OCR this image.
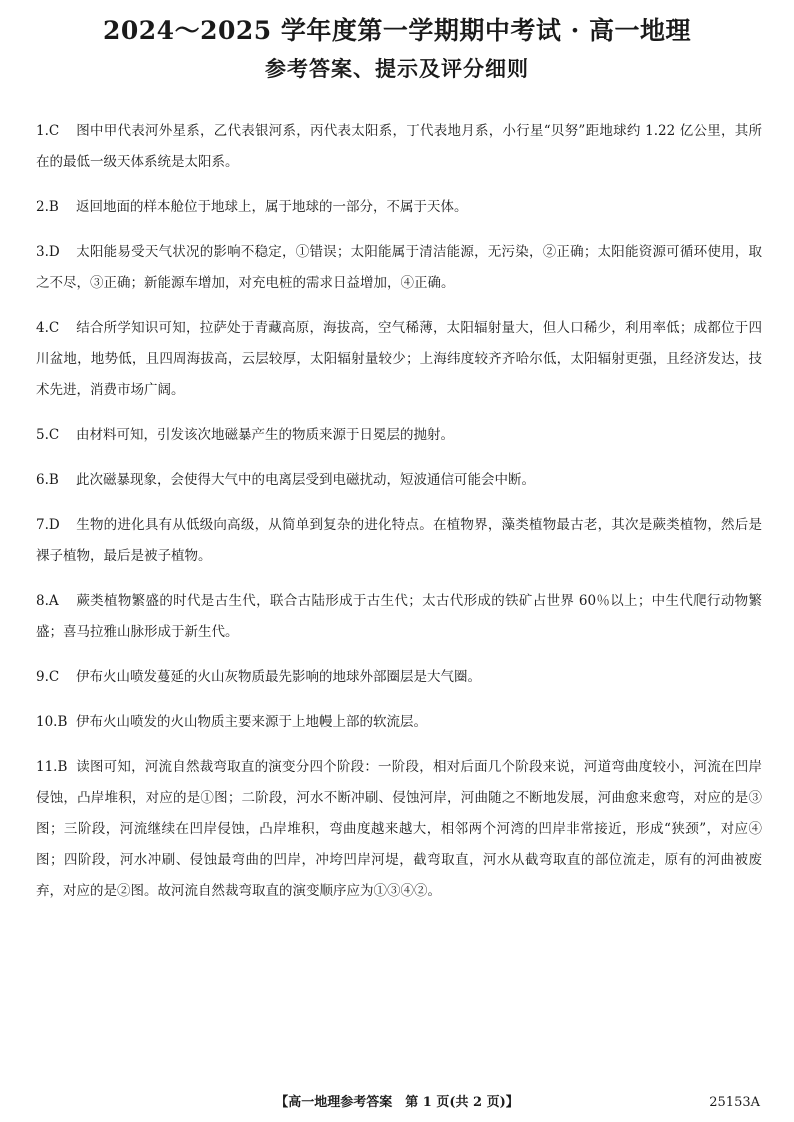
2024～2025 学年度第一学期期中考试 · 高一地理
参考答案、提示及评分细则
1.C 图中甲代表河外星系，乙代表银河系，丙代表太阳系，丁代表地月系，小行星“贝努”距地球约 1.22 亿公里，其所在的最低一级天体系统是太阳系。
2.B 返回地面的样本舱位于地球上，属于地球的一部分，不属于天体。
3.D 太阳能易受天气状况的影响不稳定，①错误；太阳能属于清洁能源，无污染，②正确；太阳能资源可循环使用，取之不尽，③正确；新能源车增加，对充电桩的需求日益增加，④正确。
4.C 结合所学知识可知，拉萨处于青藏高原，海拔高，空气稀薄，太阳辐射量大，但人口稀少，利用率低；成都位于四川盆地，地势低，且四周海拔高，云层较厚，太阳辐射量较少；上海纬度较齐齐哈尔低，太阳辐射更强，且经济发达，技术先进，消费市场广阔。
5.C 由材料可知，引发该次地磁暴产生的物质来源于日冕层的抛射。
6.B 此次磁暴现象，会使得大气中的电离层受到电磁扰动，短波通信可能会中断。
7.D 生物的进化具有从低级向高级，从简单到复杂的进化特点。在植物界，藻类植物最古老，其次是蕨类植物，然后是裸子植物，最后是被子植物。
8.A 蕨类植物繁盛的时代是古生代，联合古陆形成于古生代；太古代形成的铁矿占世界 60％以上；中生代爬行动物繁盛；喜马拉雅山脉形成于新生代。
9.C 伊布火山喷发蔓延的火山灰物质最先影响的地球外部圈层是大气圈。
10.B 伊布火山喷发的火山物质主要来源于上地幔上部的软流层。
11.B 读图可知，河流自然裁弯取直的演变分四个阶段：一阶段，相对后面几个阶段来说，河道弯曲度较小，河流在凹岸侵蚀，凸岸堆积，对应的是①图；二阶段，河水不断冲刷、侵蚀河岸，河曲随之不断地发展，河曲愈来愈弯，对应的是③图；三阶段，河流继续在凹岸侵蚀，凸岸堆积，弯曲度越来越大，相邻两个河湾的凹岸非常接近，形成“狭颈”，对应④图；四阶段，河水冲刷、侵蚀最弯曲的凹岸，冲垮凹岸河堤，截弯取直，河水从截弯取直的部位流走，原有的河曲被废弃，对应的是②图。故河流自然裁弯取直的演变顺序应为①③④②。
【高一地理参考答案　第 1 页(共 2 页)】	25153A
